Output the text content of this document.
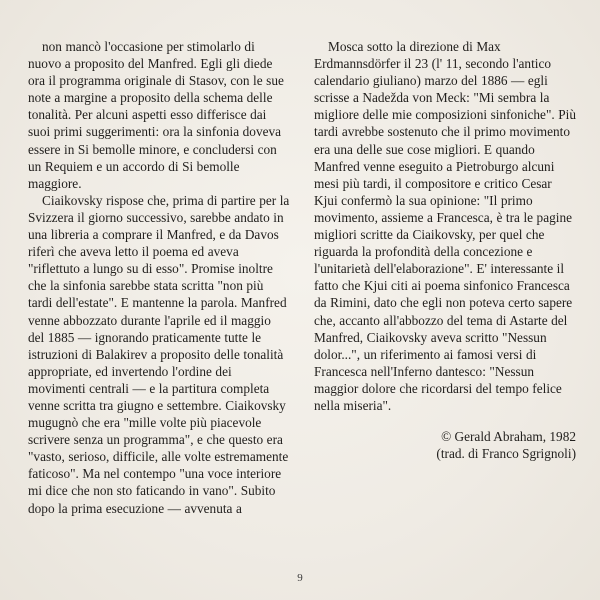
non mancò l'occasione per stimolarlo di nuovo a proposito del Manfred. Egli gli diede ora il programma originale di Stasov, con le sue note a margine a proposito della schema delle tonalità. Per alcuni aspetti esso differisce dai suoi primi suggerimenti: ora la sinfonia doveva essere in Si bemolle minore, e concludersi con un Requiem e un accordo di Si bemolle maggiore.

Ciaikovsky rispose che, prima di partire per la Svizzera il giorno successivo, sarebbe andato in una libreria a comprare il Manfred, e da Davos riferì che aveva letto il poema ed aveva "riflettuto a lungo su di esso". Promise inoltre che la sinfonia sarebbe stata scritta "non più tardi dell'estate". E mantenne la parola. Manfred venne abbozzato durante l'aprile ed il maggio del 1885 — ignorando praticamente tutte le istruzioni di Balakirev a proposito delle tonalità appropriate, ed invertendo l'ordine dei movimenti centrali — e la partitura completa venne scritta tra giugno e settembre. Ciaikovsky mugugnò che era "mille volte più piacevole scrivere senza un programma", e che questo era "vasto, serioso, difficile, alle volte estremamente faticoso". Ma nel contempo "una voce interiore mi dice che non sto faticando in vano". Subito dopo la prima esecuzione — avvenuta a

Mosca sotto la direzione di Max Erdmannsdörfer il 23 (l' 11, secondo l'antico calendario giuliano) marzo del 1886 — egli scrisse a Nadežda von Meck: "Mi sembra la migliore delle mie composizioni sinfoniche". Più tardi avrebbe sostenuto che il primo movimento era una delle sue cose migliori. E quando Manfred venne eseguito a Pietroburgo alcuni mesi più tardi, il compositore e critico Cesar Kjui confermò la sua opinione: "Il primo movimento, assieme a Francesca, è tra le pagine migliori scritte da Ciaikovsky, per quel che riguarda la profondità della concezione e l'unitarietà dell'elaborazione". E' interessante il fatto che Kjui citi ai poema sinfonico Francesca da Rimini, dato che egli non poteva certo sapere che, accanto all'abbozzo del tema di Astarte del Manfred, Ciaikovsky aveva scritto "Nessun dolor...", un riferimento ai famosi versi di Francesca nell'Inferno dantesco: "Nessun maggior dolore che ricordarsi del tempo felice nella miseria".

© Gerald Abraham, 1982
(trad. di Franco Sgrignoli)
9
